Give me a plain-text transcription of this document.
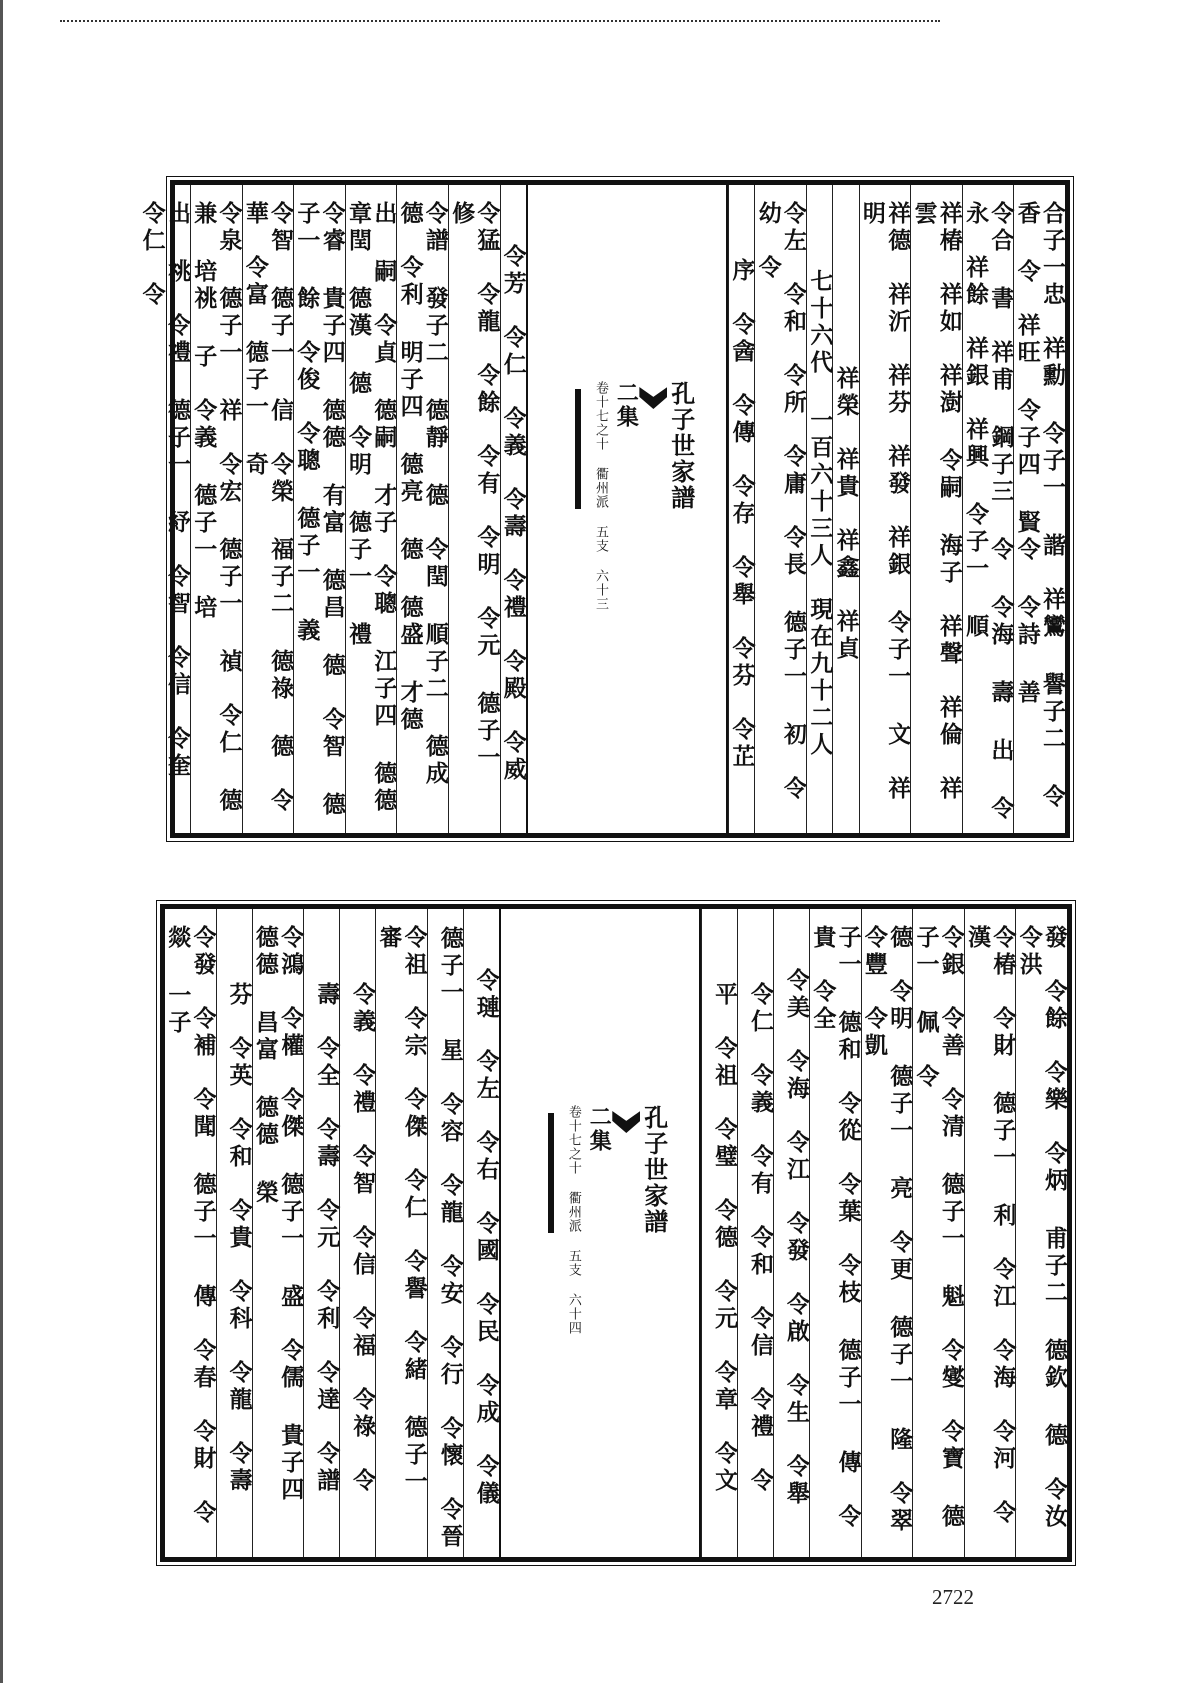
合子一忠　祥勳 令子一 諧　祥鸞 譽子二 令香 令　祥旺 令子四 賢令 令詩 善
令合 書　祥甫 鋼子三 令 令海 壽 出 令永　祥餘　祥銀　祥興 令子一 順
祥椿　祥如　祥澍 令嗣 海子　祥聲　祥倫　祥雲
祥德　祥沂　祥芬　祥發　祥銀 令子一 文　祥明
祥榮　祥貴　祥鑫　祥貞
七十六代 一百六十三人　現在九十二人
令左　令和　令所　令庸　令長 德子一 初　令幼　令
序　令酓　令傳　令存　令舉　令芬　令芷

孔子世家譜

二集
卷十七之十 衢州派 五支 六十三

令芳　令仁　令義　令壽　令禮　令殿　令威
令猛　令龍　令餘　令有　令明　令元 德子一 修
令譜 發子二 德靜 德　令閏 順子二 德成 德　令利 明子四 德亮 德 德盛 才德
出 嗣　令貞 德嗣 才子　令聰 江子四 德德 章閏 德漢 德　令明 德子一 禮
令睿 貴子四 德德 有富 德昌 德　令智 德子一 餘　令俊　令聰 德子一 義
令智 德子一 信　令榮 福子二 德祿 德　令華　令富 德子一 奇
令泉 德子一 祥　令宏 德子一 禎　令仁 德兼 培祧 子　令義 德子一 培
出 祧　令禮 德子一 紓　令智　令信　令奎　令仁　令
發　令餘　令樂　令炳 甫子二 德欽 德　令汝　令洪
令椿　令財 德子一 利　令江　令海　令河　令漢
令銀　令善　令清 德子一 魁　令燮　令寶 德子一 佩　令
德　令明 德子一 亮　令更 德子一 隆　令翠　令豐　令凱
子一 德和　令從　令葉　令枝 德子一 傳　令貴　令全
令美　令海　令江　令發　令啟　令生　令舉
令仁　令義　令有　令和　令信　令禮　令
平　令祖　令璧　令德　令元　令章　令文

孔子世家譜

二集
卷十七之十 衢州派 五支 六十四

令璉　令左　令右　令國　令民　令成　令儀
德子一 星　令容　令龍　令安　令行　令懷　令晉
令祖　令宗　令傑　令仁　令譽　令緒 德子一 審
令義　令禮　令智　令信　令福　令祿　令
壽　令全　令壽　令元　令利　令達　令譜
令鴻　令權　令傑 德子一 盛　令儒 貴子四 德德 昌富 德德 榮
芬　令英　令和　令貴　令科　令龍　令壽
令發　令補　令聞 德子一 傳　令春　令財　令燚 一子
2722
